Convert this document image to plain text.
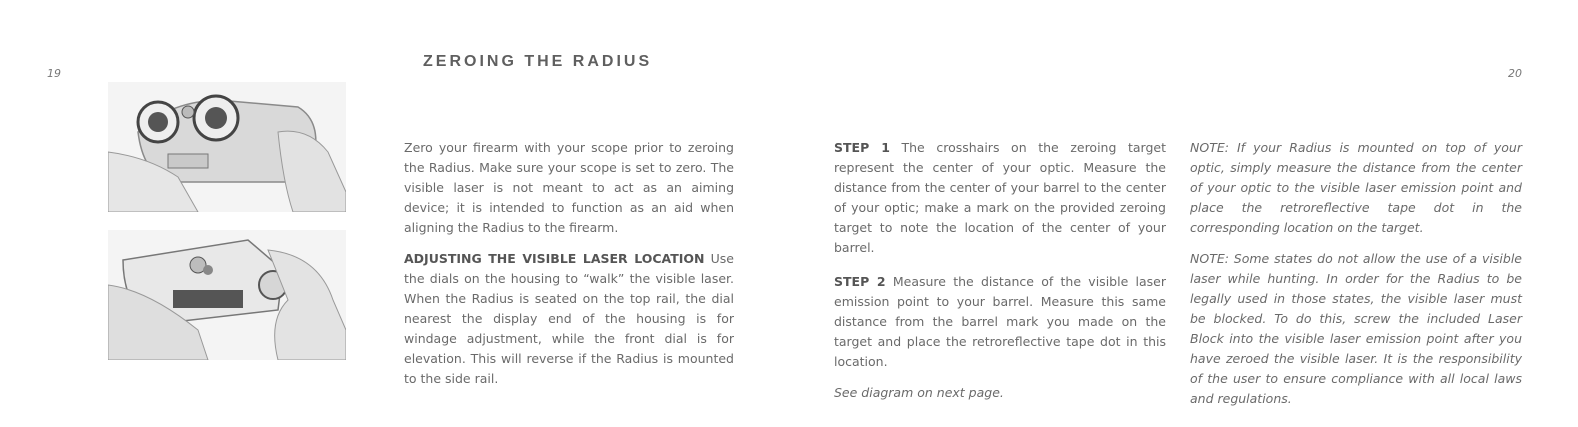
19	20
ZEROING THE RADIUS

Zero your firearm with your scope prior to zeroing the Radius. Make sure your scope is set to zero. The visible laser is not meant to act as an aiming device; it is intended to function as an aid when aligning the Radius to the firearm.

ADJUSTING THE VISIBLE LASER LOCATION Use the dials on the housing to “walk” the visible laser. When the Radius is seated on the top rail, the dial nearest the display end of the housing is for windage adjustment, while the front dial is for elevation. This will reverse if the Radius is mounted to the side rail.

STEP 1 The crosshairs on the zeroing target represent the center of your optic. Measure the distance from the center of your barrel to the center of your optic; make a mark on the provided zeroing target to note the location of the center of your barrel.

STEP 2 Measure the distance of the visible laser emission point to your barrel. Measure this same distance from the barrel mark you made on the target and place the retroreflective tape dot in this location.

See diagram on next page.

NOTE: If your Radius is mounted on top of your optic, simply measure the distance from the center of your optic to the visible laser emission point and place the retroreflective tape dot in the corresponding location on the target.

NOTE: Some states do not allow the use of a visible laser while hunting. In order for the Radius to be legally used in those states, the visible laser must be blocked. To do this, screw the included Laser Block into the visible laser emission point after you have zeroed the visible laser. It is the responsibility of the user to ensure compliance with all local laws and regulations.
